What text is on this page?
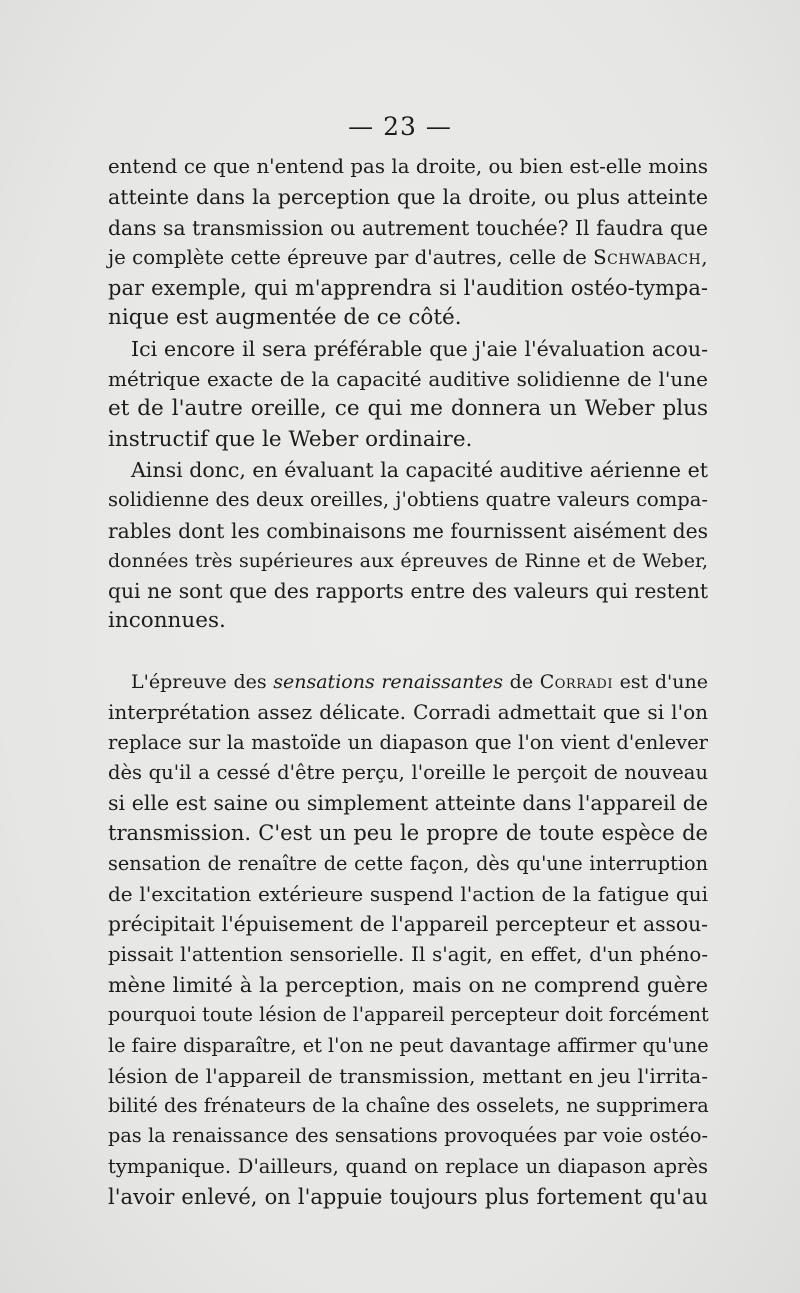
— 23 —
entend ce que n'entend pas la droite, ou bien est-elle moins
atteinte dans la perception que la droite, ou plus atteinte
dans sa transmission ou autrement touchée? Il faudra que
je complète cette épreuve par d'autres, celle de Schwabach,
par exemple, qui m'apprendra si l'audition ostéo-tympa-
nique est augmentée de ce côté.
Ici encore il sera préférable que j'aie l'évaluation acou-
métrique exacte de la capacité auditive solidienne de l'une
et de l'autre oreille, ce qui me donnera un Weber plus
instructif que le Weber ordinaire.
Ainsi donc, en évaluant la capacité auditive aérienne et
solidienne des deux oreilles, j'obtiens quatre valeurs compa-
rables dont les combinaisons me fournissent aisément des
données très supérieures aux épreuves de Rinne et de Weber,
qui ne sont que des rapports entre des valeurs qui restent
inconnues.
L'épreuve des sensations renaissantes de Corradi est d'une
interprétation assez délicate. Corradi admettait que si l'on
replace sur la mastoïde un diapason que l'on vient d'enlever
dès qu'il a cessé d'être perçu, l'oreille le perçoit de nouveau
si elle est saine ou simplement atteinte dans l'appareil de
transmission. C'est un peu le propre de toute espèce de
sensation de renaître de cette façon, dès qu'une interruption
de l'excitation extérieure suspend l'action de la fatigue qui
précipitait l'épuisement de l'appareil percepteur et assou-
pissait l'attention sensorielle. Il s'agit, en effet, d'un phéno-
mène limité à la perception, mais on ne comprend guère
pourquoi toute lésion de l'appareil percepteur doit forcément
le faire disparaître, et l'on ne peut davantage affirmer qu'une
lésion de l'appareil de transmission, mettant en jeu l'irrita-
bilité des frénateurs de la chaîne des osselets, ne supprimera
pas la renaissance des sensations provoquées par voie ostéo-
tympanique. D'ailleurs, quand on replace un diapason après
l'avoir enlevé, on l'appuie toujours plus fortement qu'au
